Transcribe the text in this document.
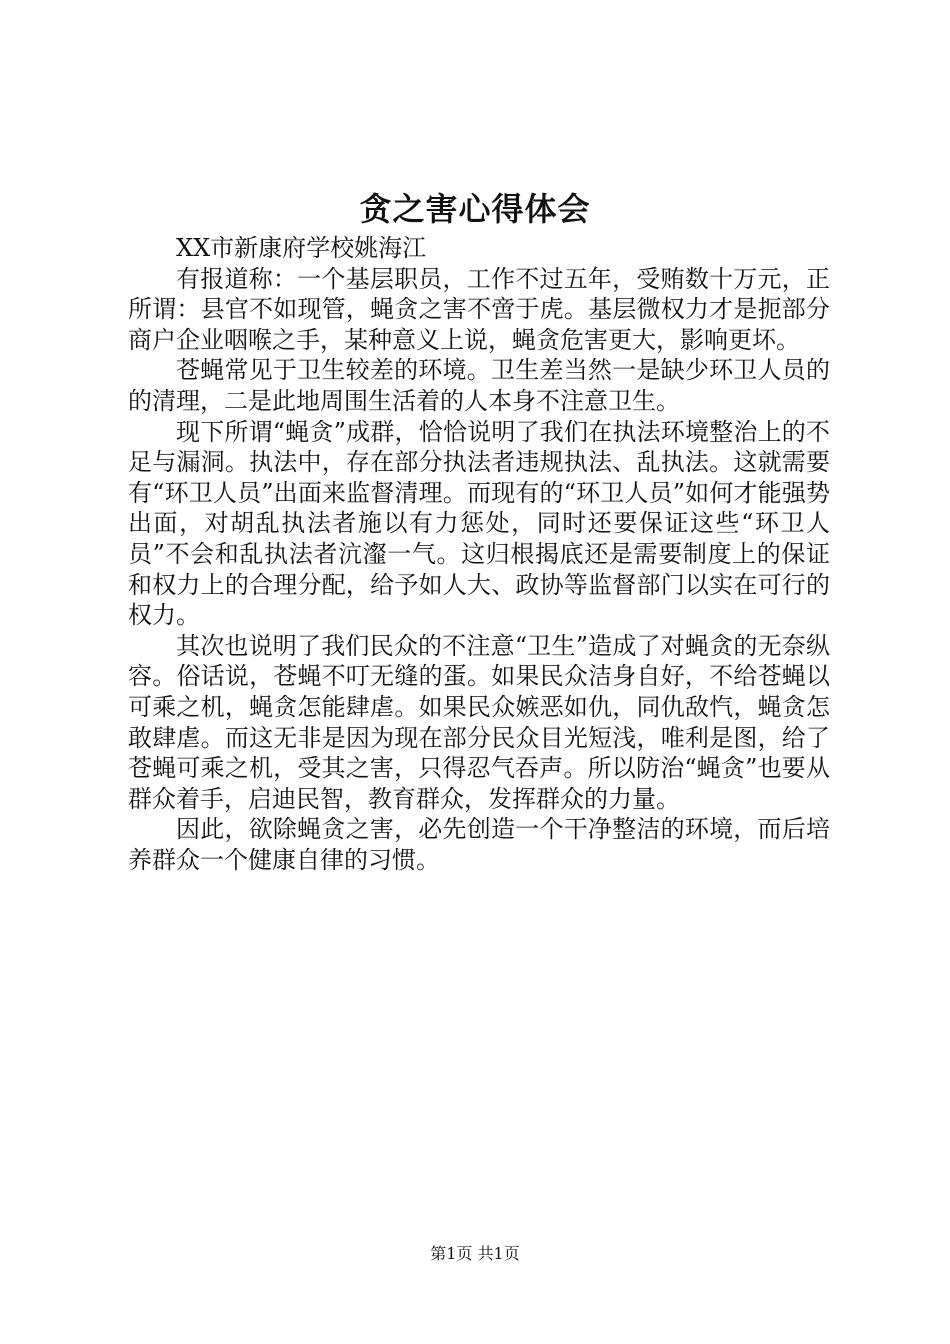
贪之害心得体会

XX市新康府学校姚海江

有报道称：一个基层职员，工作不过五年，受贿数十万元，正所谓：县官不如现管，蝇贪之害不啻于虎。基层微权力才是扼部分商户企业咽喉之手，某种意义上说，蝇贪危害更大，影响更坏。

苍蝇常见于卫生较差的环境。卫生差当然一是缺少环卫人员的的清理，二是此地周围生活着的人本身不注意卫生。

现下所谓“蝇贪”成群，恰恰说明了我们在执法环境整治上的不足与漏洞。执法中，存在部分执法者违规执法、乱执法。这就需要有“环卫人员”出面来监督清理。而现有的“环卫人员”如何才能强势出面，对胡乱执法者施以有力惩处，同时还要保证这些“环卫人员”不会和乱执法者沆瀣一气。这归根揭底还是需要制度上的保证和权力上的合理分配，给予如人大、政协等监督部门以实在可行的权力。

其次也说明了我们民众的不注意“卫生”造成了对蝇贪的无奈纵容。俗话说，苍蝇不叮无缝的蛋。如果民众洁身自好，不给苍蝇以可乘之机，蝇贪怎能肆虐。如果民众嫉恶如仇，同仇敌忾，蝇贪怎敢肆虐。而这无非是因为现在部分民众目光短浅，唯利是图，给了苍蝇可乘之机，受其之害，只得忍气吞声。所以防治“蝇贪”也要从群众着手，启迪民智，教育群众，发挥群众的力量。

因此，欲除蝇贪之害，必先创造一个干净整洁的环境，而后培养群众一个健康自律的习惯。

第1页 共1页
